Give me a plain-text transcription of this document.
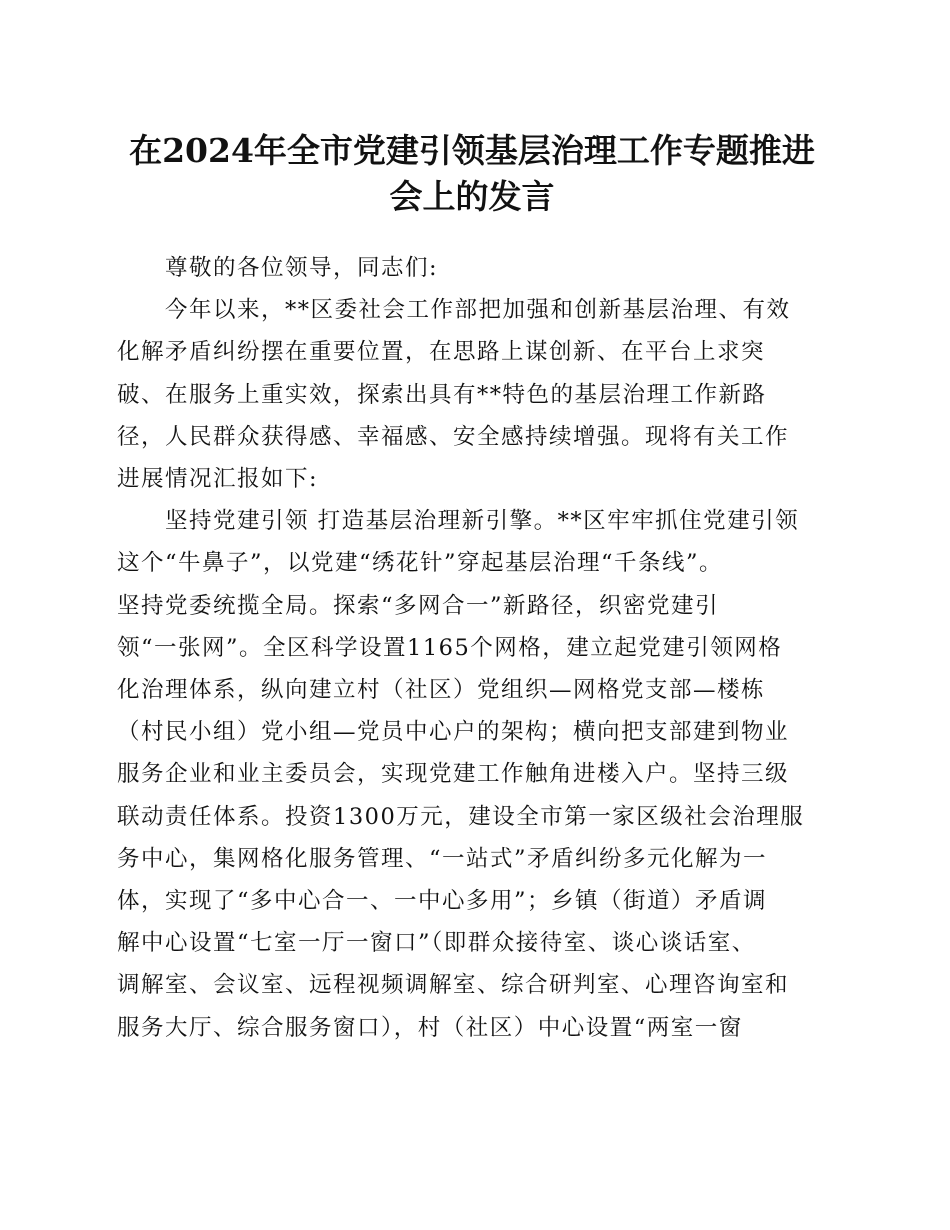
在2024年全市党建引领基层治理工作专题推进
会上的发言

尊敬的各位领导，同志们:

今年以来，**区委社会工作部把加强和创新基层治理、有效
化解矛盾纠纷摆在重要位置，在思路上谋创新、在平台上求突
破、在服务上重实效，探索出具有**特色的基层治理工作新路
径，人民群众获得感、幸福感、安全感持续增强。现将有关工作
进展情况汇报如下:

坚持党建引领 打造基层治理新引擎。**区牢牢抓住党建引领
这个“牛鼻子”，以党建“绣花针”穿起基层治理“千条线”。
坚持党委统揽全局。探索“多网合一”新路径，织密党建引
领“一张网”。全区科学设置1165个网格，建立起党建引领网格
化治理体系，纵向建立村（社区）党组织—网格党支部—楼栋
（村民小组）党小组—党员中心户的架构；横向把支部建到物业
服务企业和业主委员会，实现党建工作触角进楼入户。坚持三级
联动责任体系。投资1300万元，建设全市第一家区级社会治理服
务中心，集网格化服务管理、“一站式”矛盾纠纷多元化解为一
体，实现了“多中心合一、一中心多用”；乡镇（街道）矛盾调
解中心设置“七室一厅一窗口”（即群众接待室、谈心谈话室、
调解室、会议室、远程视频调解室、综合研判室、心理咨询室和
服务大厅、综合服务窗口），村（社区）中心设置“两室一窗
